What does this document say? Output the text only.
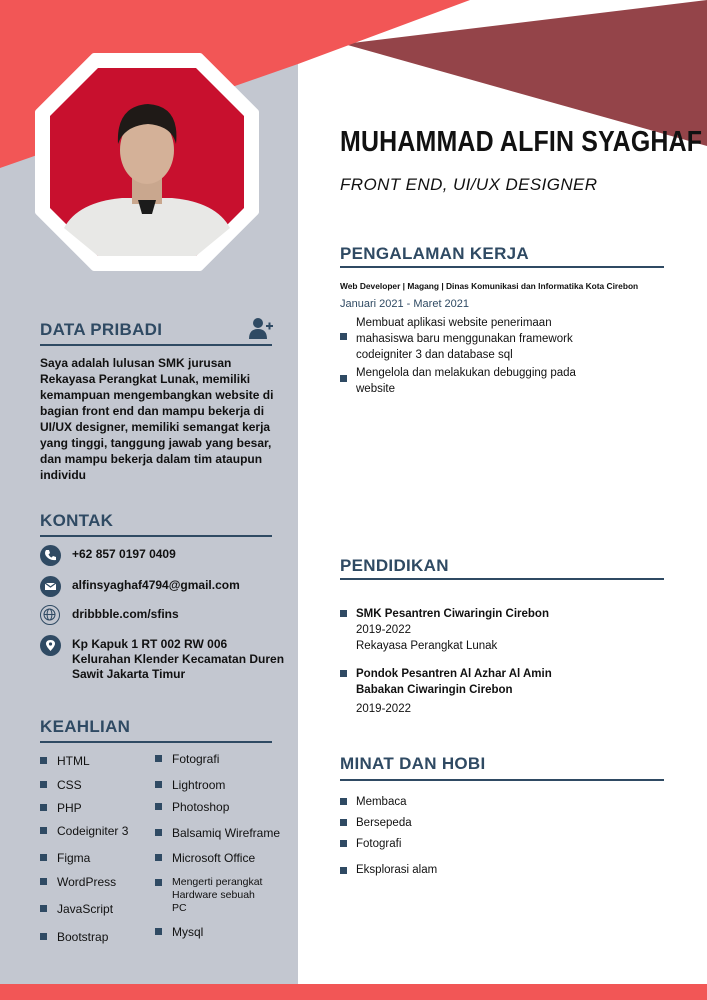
DATA PRIBADI
Saya adalah lulusan SMK jurusan Rekayasa Perangkat Lunak, memiliki kemampuan mengembangkan website di bagian front end dan mampu bekerja di UI/UX designer, memiliki semangat kerja yang tinggi, tanggung jawab yang besar, dan mampu bekerja dalam tim ataupun individu
KONTAK
+62 857 0197 0409
alfinsyaghaf4794@gmail.com
dribbble.com/sfins
Kp Kapuk 1 RT 002 RW 006
Kelurahan Klender Kecamatan Duren
Sawit Jakarta Timur
KEAHLIAN
HTML
CSS
PHP
Codeigniter 3
Figma
WordPress
JavaScript
Bootstrap
Fotografi
Lightroom
Photoshop
Balsamiq Wireframe
Microsoft Office
Mengerti perangkat Hardware sebuah PC
Mysql
MUHAMMAD ALFIN SYAGHAF
FRONT END, UI/UX DESIGNER
PENGALAMAN KERJA
Web Developer | Magang | Dinas Komunikasi dan Informatika Kota Cirebon
Januari 2021 - Maret 2021
Membuat aplikasi website penerimaan mahasiswa baru menggunakan framework codeigniter 3 dan database sql
Mengelola dan melakukan debugging pada website
PENDIDIKAN
SMK Pesantren Ciwaringin Cirebon
2019-2022
Rekayasa Perangkat Lunak
Pondok Pesantren Al Azhar Al Amin Babakan Ciwaringin Cirebon
2019-2022
MINAT DAN HOBI
Membaca
Bersepeda
Fotografi
Eksplorasi alam
